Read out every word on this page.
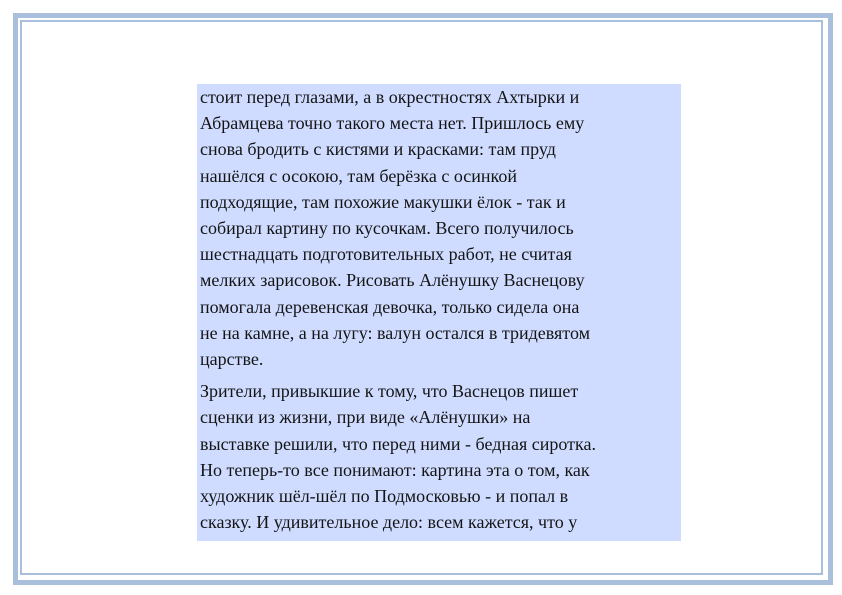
стоит перед глазами, а в окрестностях Ахтырки и
Абрамцева точно такого места нет. Пришлось ему
снова бродить с кистями и красками: там пруд
нашёлся с осокою, там берёзка с осинкой
подходящие, там похожие макушки ёлок - так и
собирал картину по кусочкам. Всего получилось
шестнадцать подготовительных работ, не считая
мелких зарисовок. Рисовать Алёнушку Васнецову
помогала деревенская девочка, только сидела она
не на камне, а на лугу: валун остался в тридевятом
царстве.

Зрители, привыкшие к тому, что Васнецов пишет
сценки из жизни, при виде «Алёнушки» на
выставке решили, что перед ними - бедная сиротка.
Но теперь-то все понимают: картина эта о том, как
художник шёл-шёл по Подмосковью - и попал в
сказку. И удивительное дело: всем кажется, что у
